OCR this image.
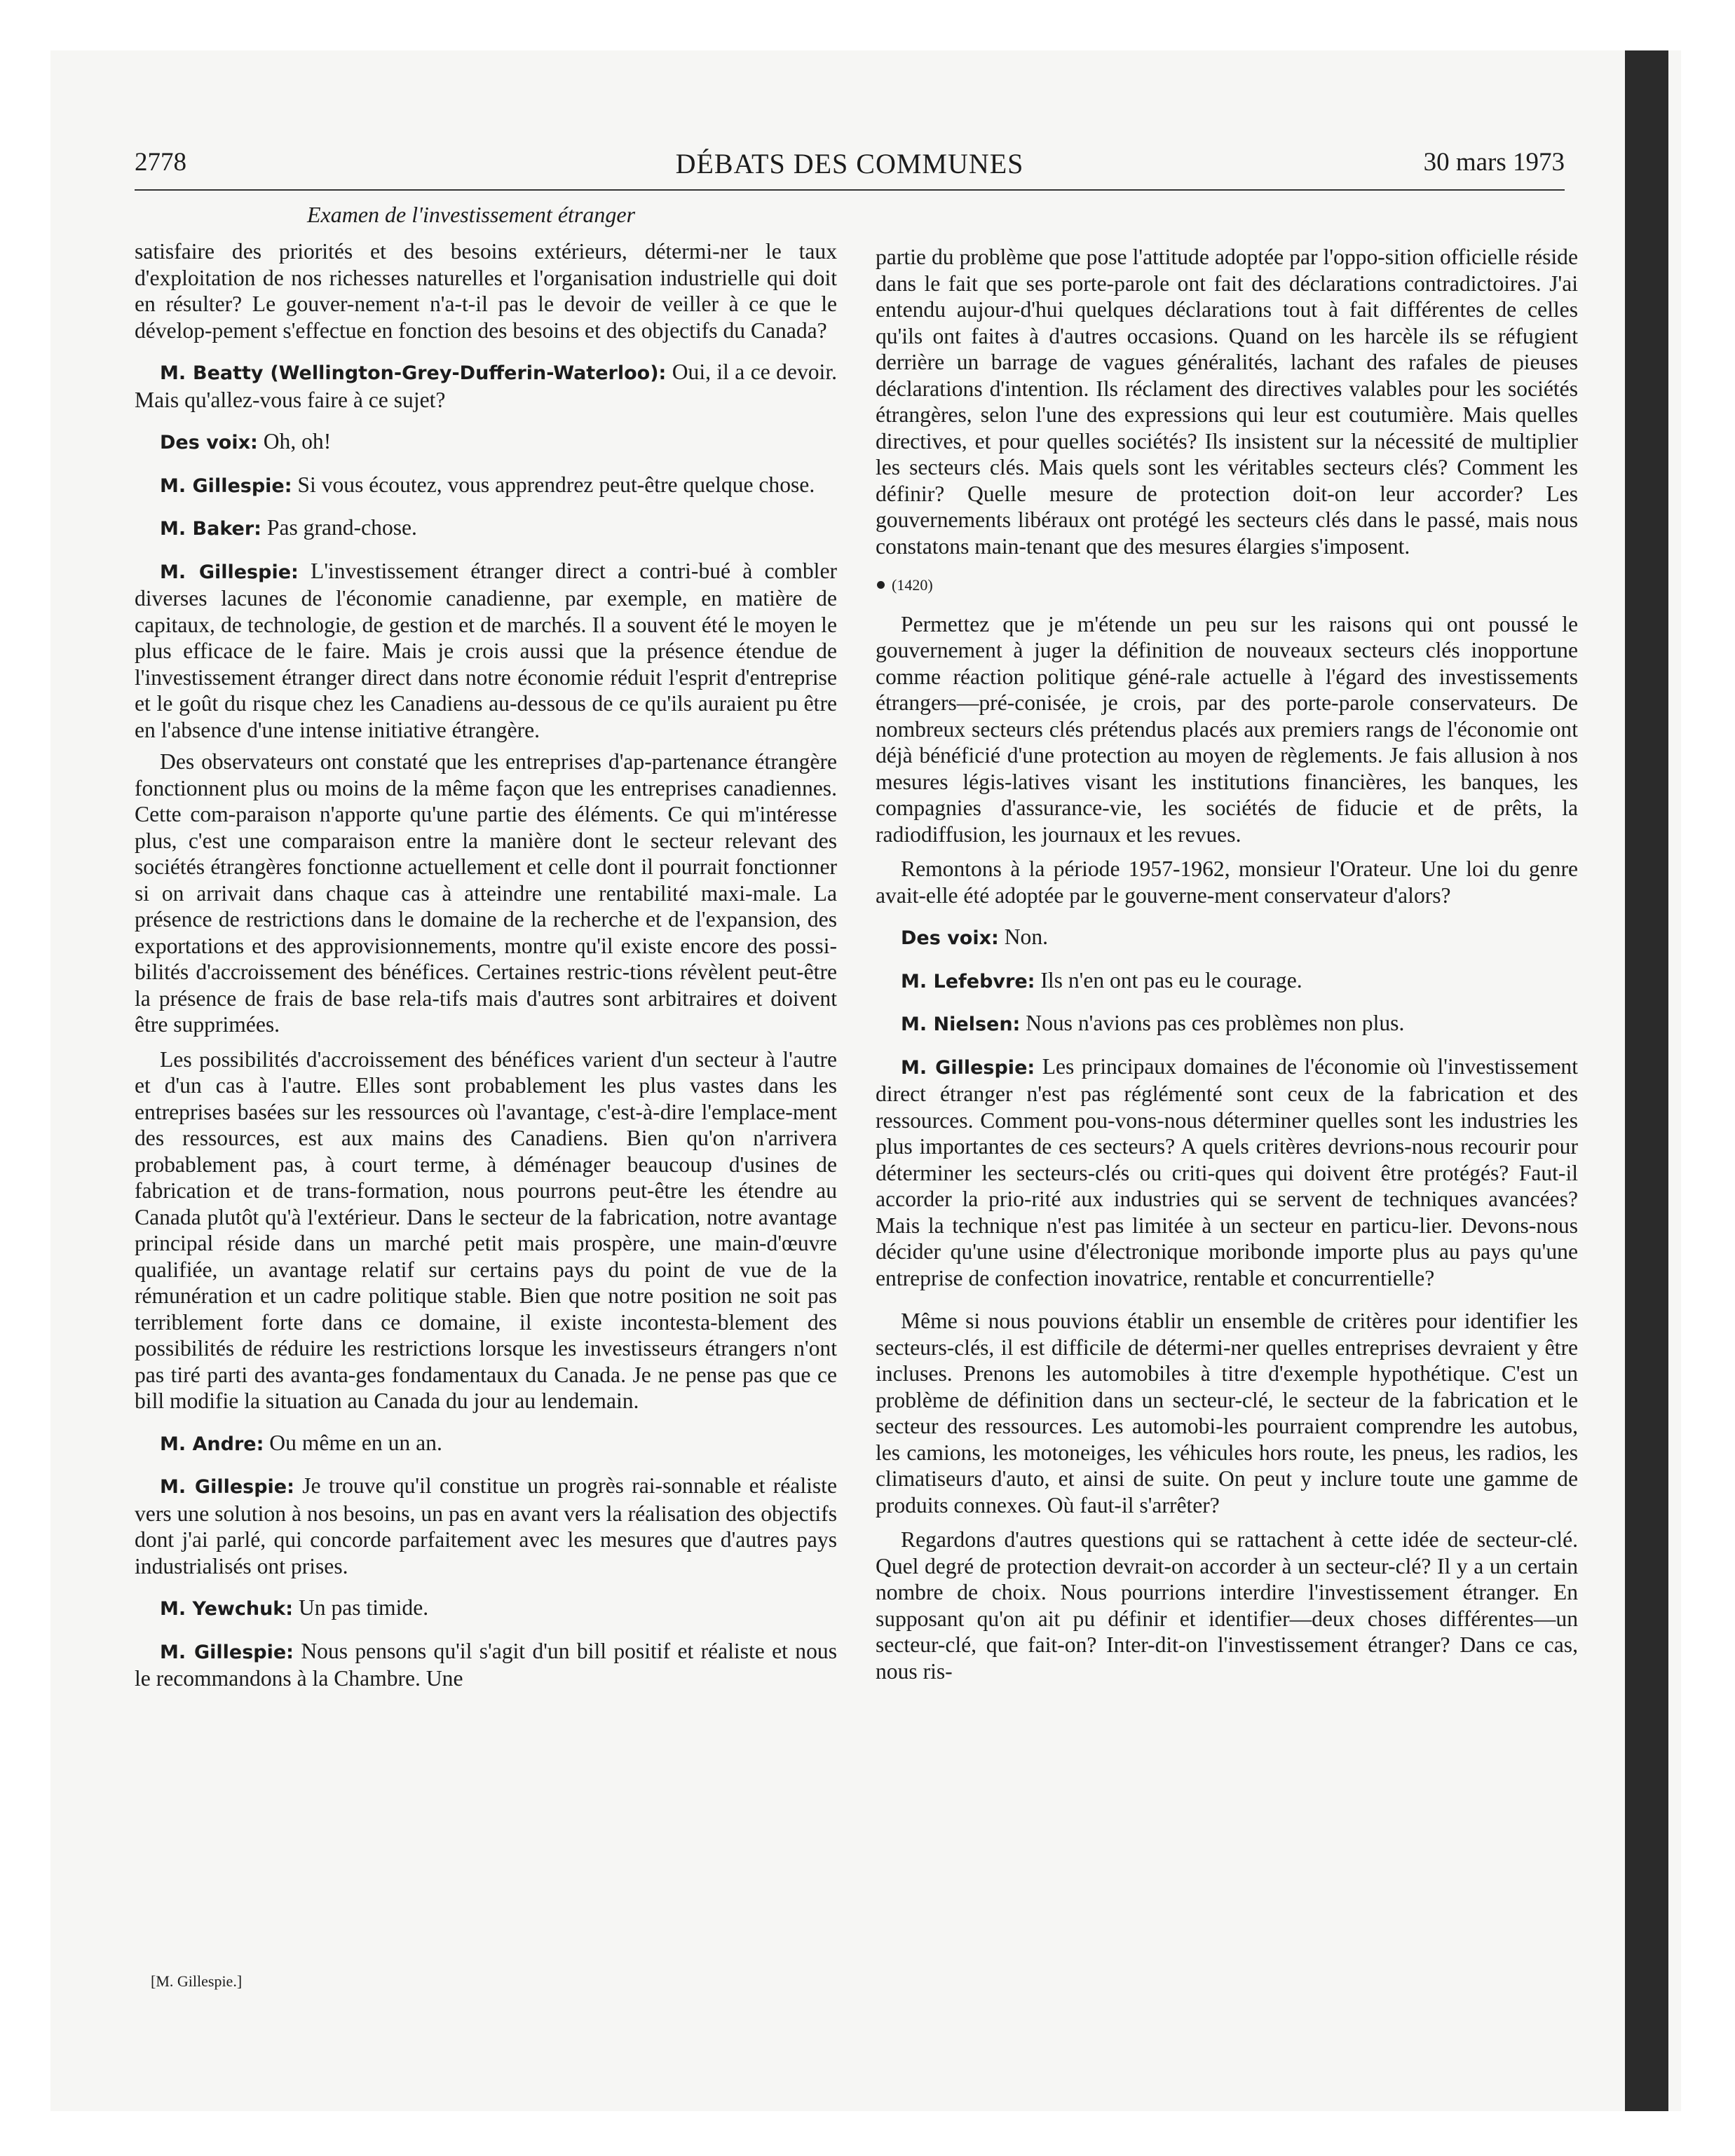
2778	DÉBATS DES COMMUNES	30 mars 1973
Examen de l'investissement étranger

satisfaire des priorités et des besoins extérieurs, détermi-ner le taux d'exploitation de nos richesses naturelles et l'organisation industrielle qui doit en résulter? Le gouver-nement n'a-t-il pas le devoir de veiller à ce que le dévelop-pement s'effectue en fonction des besoins et des objectifs du Canada?

M. Beatty (Wellington-Grey-Dufferin-Waterloo): Oui, il a ce devoir. Mais qu'allez-vous faire à ce sujet?

Des voix: Oh, oh!

M. Gillespie: Si vous écoutez, vous apprendrez peut-être quelque chose.

M. Baker: Pas grand-chose.

M. Gillespie: L'investissement étranger direct a contri-bué à combler diverses lacunes de l'économie canadienne, par exemple, en matière de capitaux, de technologie, de gestion et de marchés. Il a souvent été le moyen le plus efficace de le faire. Mais je crois aussi que la présence étendue de l'investissement étranger direct dans notre économie réduit l'esprit d'entreprise et le goût du risque chez les Canadiens au-dessous de ce qu'ils auraient pu être en l'absence d'une intense initiative étrangère.

Des observateurs ont constaté que les entreprises d'ap-partenance étrangère fonctionnent plus ou moins de la même façon que les entreprises canadiennes. Cette com-paraison n'apporte qu'une partie des éléments. Ce qui m'intéresse plus, c'est une comparaison entre la manière dont le secteur relevant des sociétés étrangères fonctionne actuellement et celle dont il pourrait fonctionner si on arrivait dans chaque cas à atteindre une rentabilité maxi-male. La présence de restrictions dans le domaine de la recherche et de l'expansion, des exportations et des approvisionnements, montre qu'il existe encore des possi-bilités d'accroissement des bénéfices. Certaines restric-tions révèlent peut-être la présence de frais de base rela-tifs mais d'autres sont arbitraires et doivent être supprimées.

Les possibilités d'accroissement des bénéfices varient d'un secteur à l'autre et d'un cas à l'autre. Elles sont probablement les plus vastes dans les entreprises basées sur les ressources où l'avantage, c'est-à-dire l'emplace-ment des ressources, est aux mains des Canadiens. Bien qu'on n'arrivera probablement pas, à court terme, à déménager beaucoup d'usines de fabrication et de trans-formation, nous pourrons peut-être les étendre au Canada plutôt qu'à l'extérieur. Dans le secteur de la fabrication, notre avantage principal réside dans un marché petit mais prospère, une main-d'œuvre qualifiée, un avantage relatif sur certains pays du point de vue de la rémunération et un cadre politique stable. Bien que notre position ne soit pas terriblement forte dans ce domaine, il existe incontesta-blement des possibilités de réduire les restrictions lorsque les investisseurs étrangers n'ont pas tiré parti des avanta-ges fondamentaux du Canada. Je ne pense pas que ce bill modifie la situation au Canada du jour au lendemain.

M. Andre: Ou même en un an.

M. Gillespie: Je trouve qu'il constitue un progrès rai-sonnable et réaliste vers une solution à nos besoins, un pas en avant vers la réalisation des objectifs dont j'ai parlé, qui concorde parfaitement avec les mesures que d'autres pays industrialisés ont prises.

M. Yewchuk: Un pas timide.

M. Gillespie: Nous pensons qu'il s'agit d'un bill positif et réaliste et nous le recommandons à la Chambre. Une

partie du problème que pose l'attitude adoptée par l'oppo-sition officielle réside dans le fait que ses porte-parole ont fait des déclarations contradictoires. J'ai entendu aujour-d'hui quelques déclarations tout à fait différentes de celles qu'ils ont faites à d'autres occasions. Quand on les harcèle ils se réfugient derrière un barrage de vagues généralités, lachant des rafales de pieuses déclarations d'intention. Ils réclament des directives valables pour les sociétés étrangères, selon l'une des expressions qui leur est coutumière. Mais quelles directives, et pour quelles sociétés? Ils insistent sur la nécessité de multiplier les secteurs clés. Mais quels sont les véritables secteurs clés? Comment les définir? Quelle mesure de protection doit-on leur accorder? Les gouvernements libéraux ont protégé les secteurs clés dans le passé, mais nous constatons main-tenant que des mesures élargies s'imposent.

(1420)

Permettez que je m'étende un peu sur les raisons qui ont poussé le gouvernement à juger la définition de nouveaux secteurs clés inopportune comme réaction politique géné-rale actuelle à l'égard des investissements étrangers—pré-conisée, je crois, par des porte-parole conservateurs. De nombreux secteurs clés prétendus placés aux premiers rangs de l'économie ont déjà bénéficié d'une protection au moyen de règlements. Je fais allusion à nos mesures légis-latives visant les institutions financières, les banques, les compagnies d'assurance-vie, les sociétés de fiducie et de prêts, la radiodiffusion, les journaux et les revues.

Remontons à la période 1957-1962, monsieur l'Orateur. Une loi du genre avait-elle été adoptée par le gouverne-ment conservateur d'alors?

Des voix: Non.

M. Lefebvre: Ils n'en ont pas eu le courage.

M. Nielsen: Nous n'avions pas ces problèmes non plus.

M. Gillespie: Les principaux domaines de l'économie où l'investissement direct étranger n'est pas réglémenté sont ceux de la fabrication et des ressources. Comment pou-vons-nous déterminer quelles sont les industries les plus importantes de ces secteurs? A quels critères devrions-nous recourir pour déterminer les secteurs-clés ou criti-ques qui doivent être protégés? Faut-il accorder la prio-rité aux industries qui se servent de techniques avancées? Mais la technique n'est pas limitée à un secteur en particu-lier. Devons-nous décider qu'une usine d'électronique moribonde importe plus au pays qu'une entreprise de confection inovatrice, rentable et concurrentielle?

Même si nous pouvions établir un ensemble de critères pour identifier les secteurs-clés, il est difficile de détermi-ner quelles entreprises devraient y être incluses. Prenons les automobiles à titre d'exemple hypothétique. C'est un problème de définition dans un secteur-clé, le secteur de la fabrication et le secteur des ressources. Les automobi-les pourraient comprendre les autobus, les camions, les motoneiges, les véhicules hors route, les pneus, les radios, les climatiseurs d'auto, et ainsi de suite. On peut y inclure toute une gamme de produits connexes. Où faut-il s'arrêter?

Regardons d'autres questions qui se rattachent à cette idée de secteur-clé. Quel degré de protection devrait-on accorder à un secteur-clé? Il y a un certain nombre de choix. Nous pourrions interdire l'investissement étranger. En supposant qu'on ait pu définir et identifier—deux choses différentes—un secteur-clé, que fait-on? Inter-dit-on l'investissement étranger? Dans ce cas, nous ris-

[M. Gillespie.]
